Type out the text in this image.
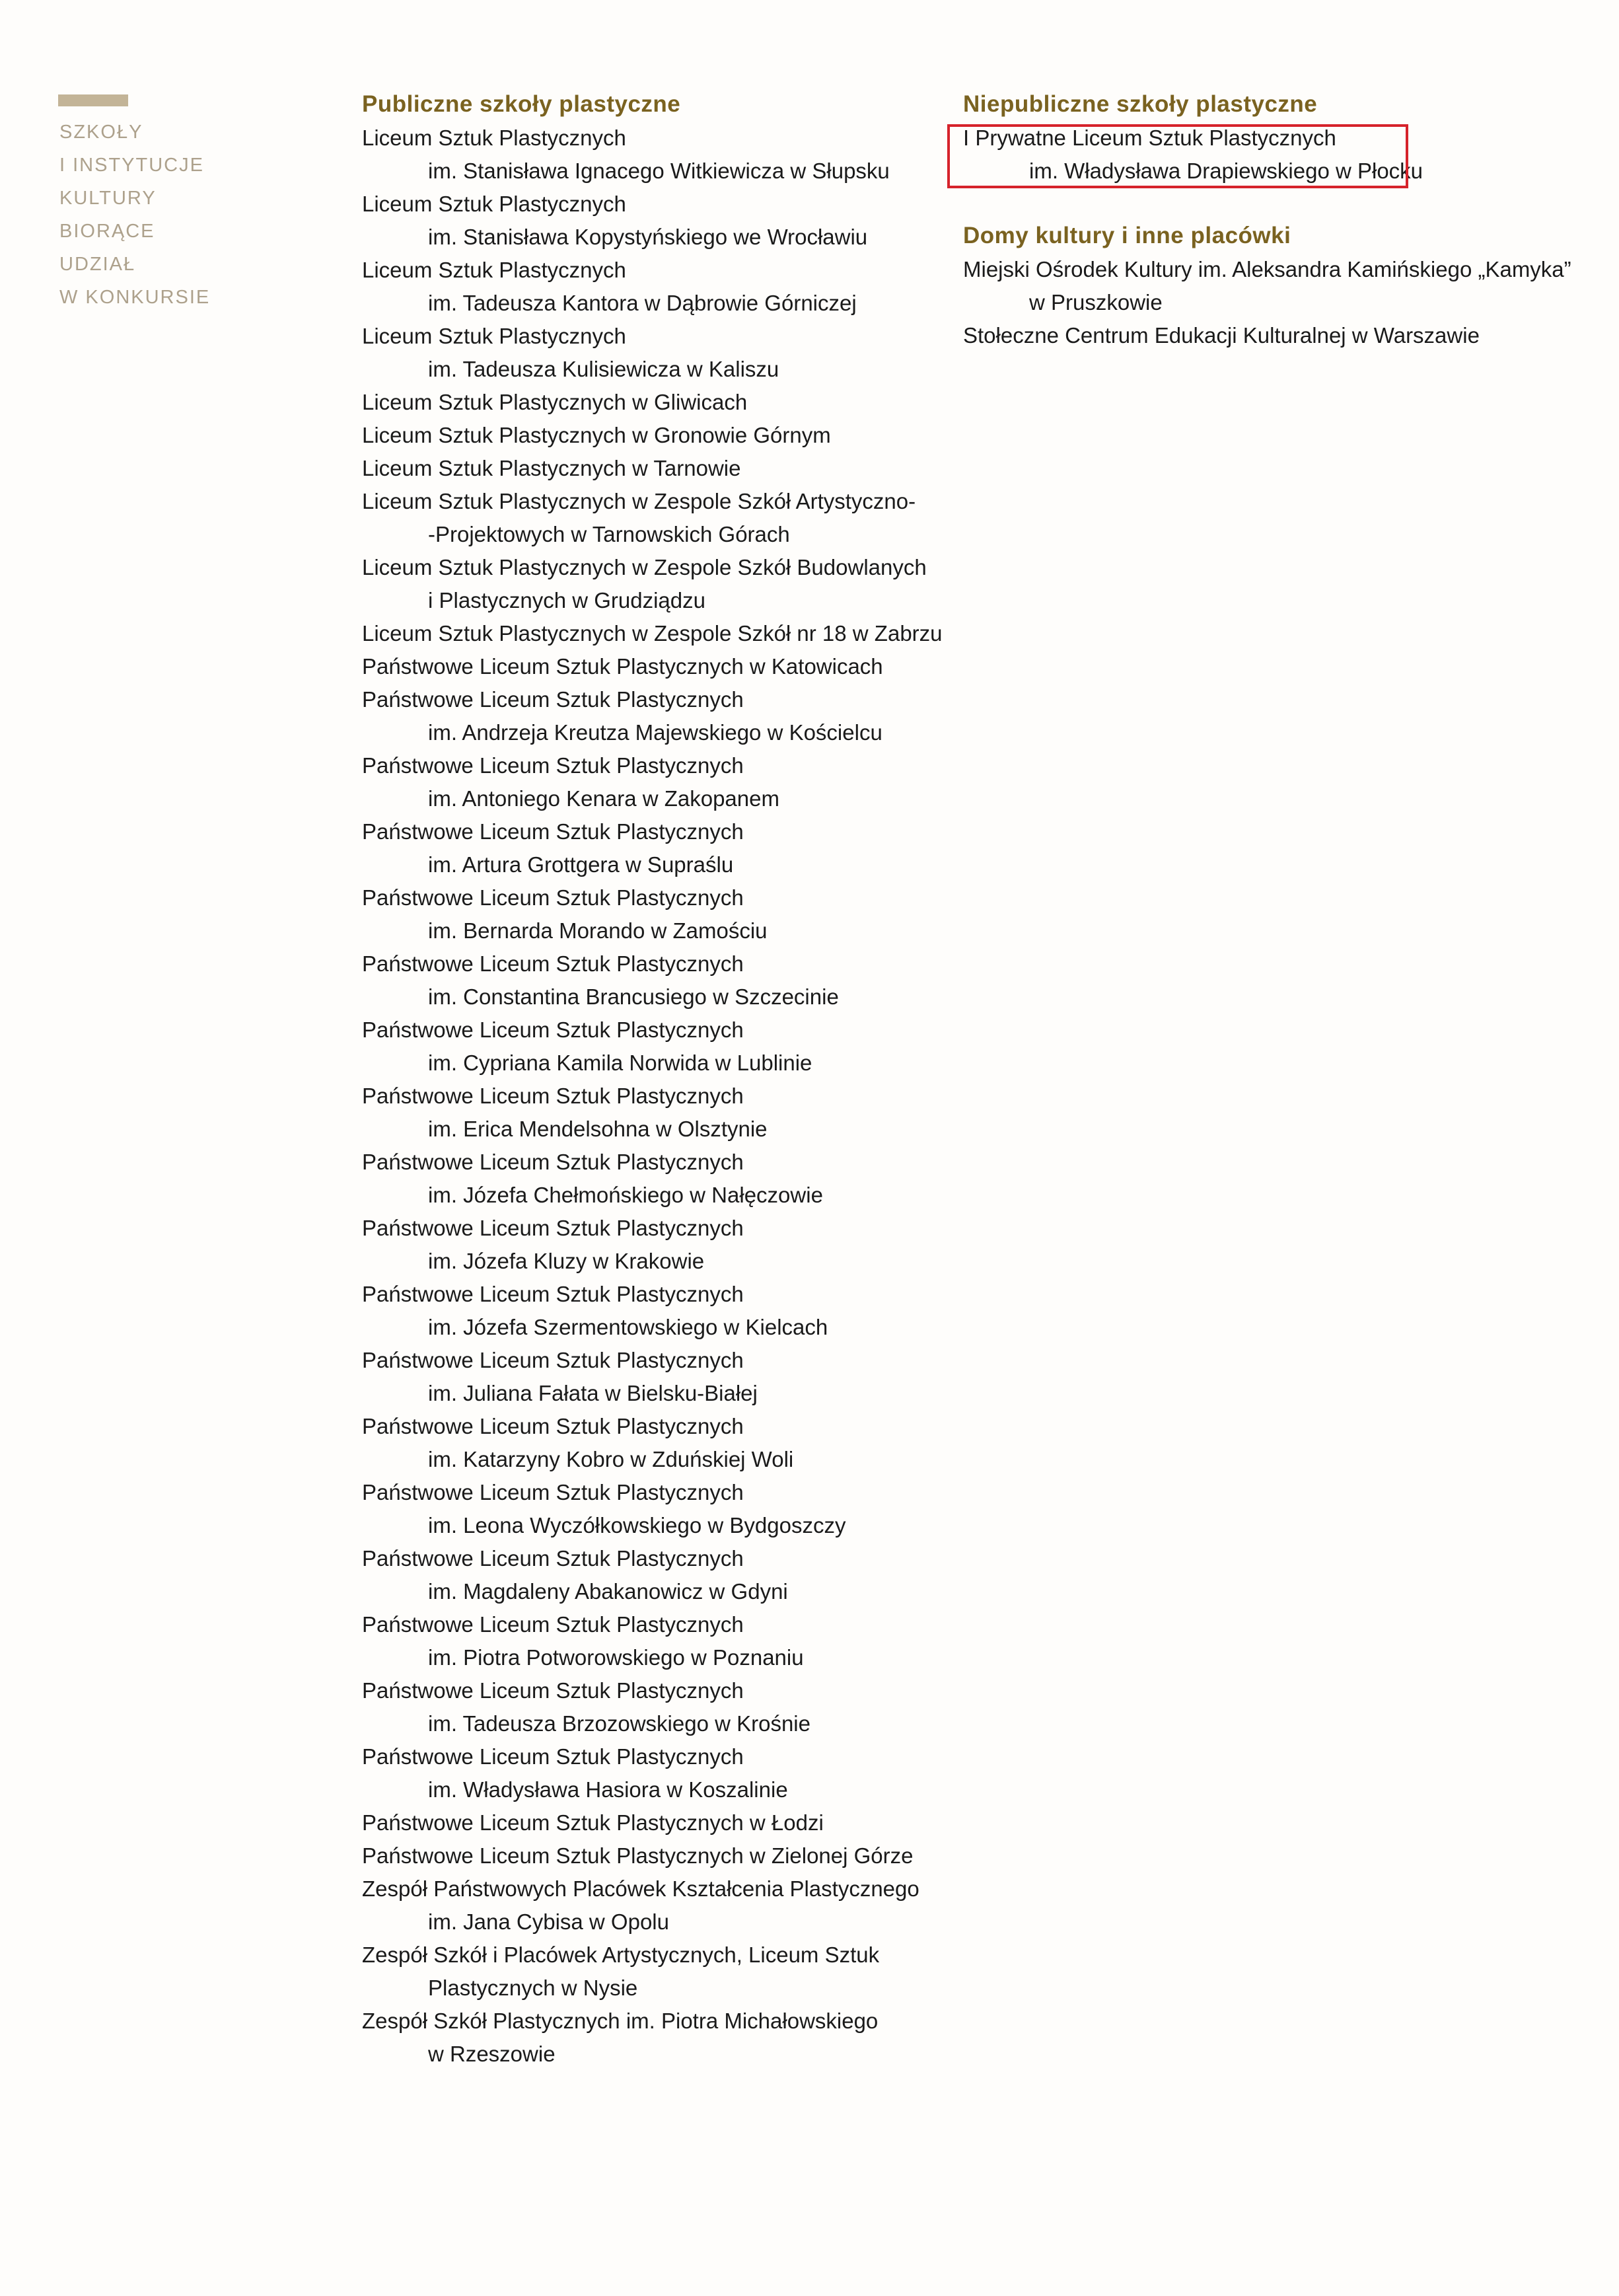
SZKOŁY
I INSTYTUCJE
KULTURY
BIORĄCE
UDZIAŁ
W KONKURSIE
Publiczne szkoły plastyczne
Liceum Sztuk Plastycznych
im. Stanisława Ignacego Witkiewicza w Słupsku
Liceum Sztuk Plastycznych
im. Stanisława Kopystyńskiego we Wrocławiu
Liceum Sztuk Plastycznych
im. Tadeusza Kantora w Dąbrowie Górniczej
Liceum Sztuk Plastycznych
im. Tadeusza Kulisiewicza w Kaliszu
Liceum Sztuk Plastycznych w Gliwicach
Liceum Sztuk Plastycznych w Gronowie Górnym
Liceum Sztuk Plastycznych w Tarnowie
Liceum Sztuk Plastycznych w Zespole Szkół Artystyczno-
-Projektowych w Tarnowskich Górach
Liceum Sztuk Plastycznych w Zespole Szkół Budowlanych
i Plastycznych w Grudziądzu
Liceum Sztuk Plastycznych w Zespole Szkół nr 18 w Zabrzu
Państwowe Liceum Sztuk Plastycznych w Katowicach
Państwowe Liceum Sztuk Plastycznych
im. Andrzeja Kreutza Majewskiego w Kościelcu
Państwowe Liceum Sztuk Plastycznych
im. Antoniego Kenara w Zakopanem
Państwowe Liceum Sztuk Plastycznych
im. Artura Grottgera w Supraślu
Państwowe Liceum Sztuk Plastycznych
im. Bernarda Morando w Zamościu
Państwowe Liceum Sztuk Plastycznych
im. Constantina Brancusiego w Szczecinie
Państwowe Liceum Sztuk Plastycznych
im. Cypriana Kamila Norwida w Lublinie
Państwowe Liceum Sztuk Plastycznych
im. Erica Mendelsohna w Olsztynie
Państwowe Liceum Sztuk Plastycznych
im. Józefa Chełmońskiego w Nałęczowie
Państwowe Liceum Sztuk Plastycznych
im. Józefa Kluzy w Krakowie
Państwowe Liceum Sztuk Plastycznych
im. Józefa Szermentowskiego w Kielcach
Państwowe Liceum Sztuk Plastycznych
im. Juliana Fałata w Bielsku-Białej
Państwowe Liceum Sztuk Plastycznych
im. Katarzyny Kobro w Zduńskiej Woli
Państwowe Liceum Sztuk Plastycznych
im. Leona Wyczółkowskiego w Bydgoszczy
Państwowe Liceum Sztuk Plastycznych
im. Magdaleny Abakanowicz w Gdyni
Państwowe Liceum Sztuk Plastycznych
im. Piotra Potworowskiego w Poznaniu
Państwowe Liceum Sztuk Plastycznych
im. Tadeusza Brzozowskiego w Krośnie
Państwowe Liceum Sztuk Plastycznych
im. Władysława Hasiora w Koszalinie
Państwowe Liceum Sztuk Plastycznych w Łodzi
Państwowe Liceum Sztuk Plastycznych w Zielonej Górze
Zespół Państwowych Placówek Kształcenia Plastycznego
im. Jana Cybisa w Opolu
Zespół Szkół i Placówek Artystycznych, Liceum Sztuk
Plastycznych w Nysie
Zespół Szkół Plastycznych im. Piotra Michałowskiego
w Rzeszowie
Niepubliczne szkoły plastyczne
I Prywatne Liceum Sztuk Plastycznych
im. Władysława Drapiewskiego w Płocku
Domy kultury i inne placówki
Miejski Ośrodek Kultury im. Aleksandra Kamińskiego „Kamyka”
w Pruszkowie
Stołeczne Centrum Edukacji Kulturalnej w Warszawie
